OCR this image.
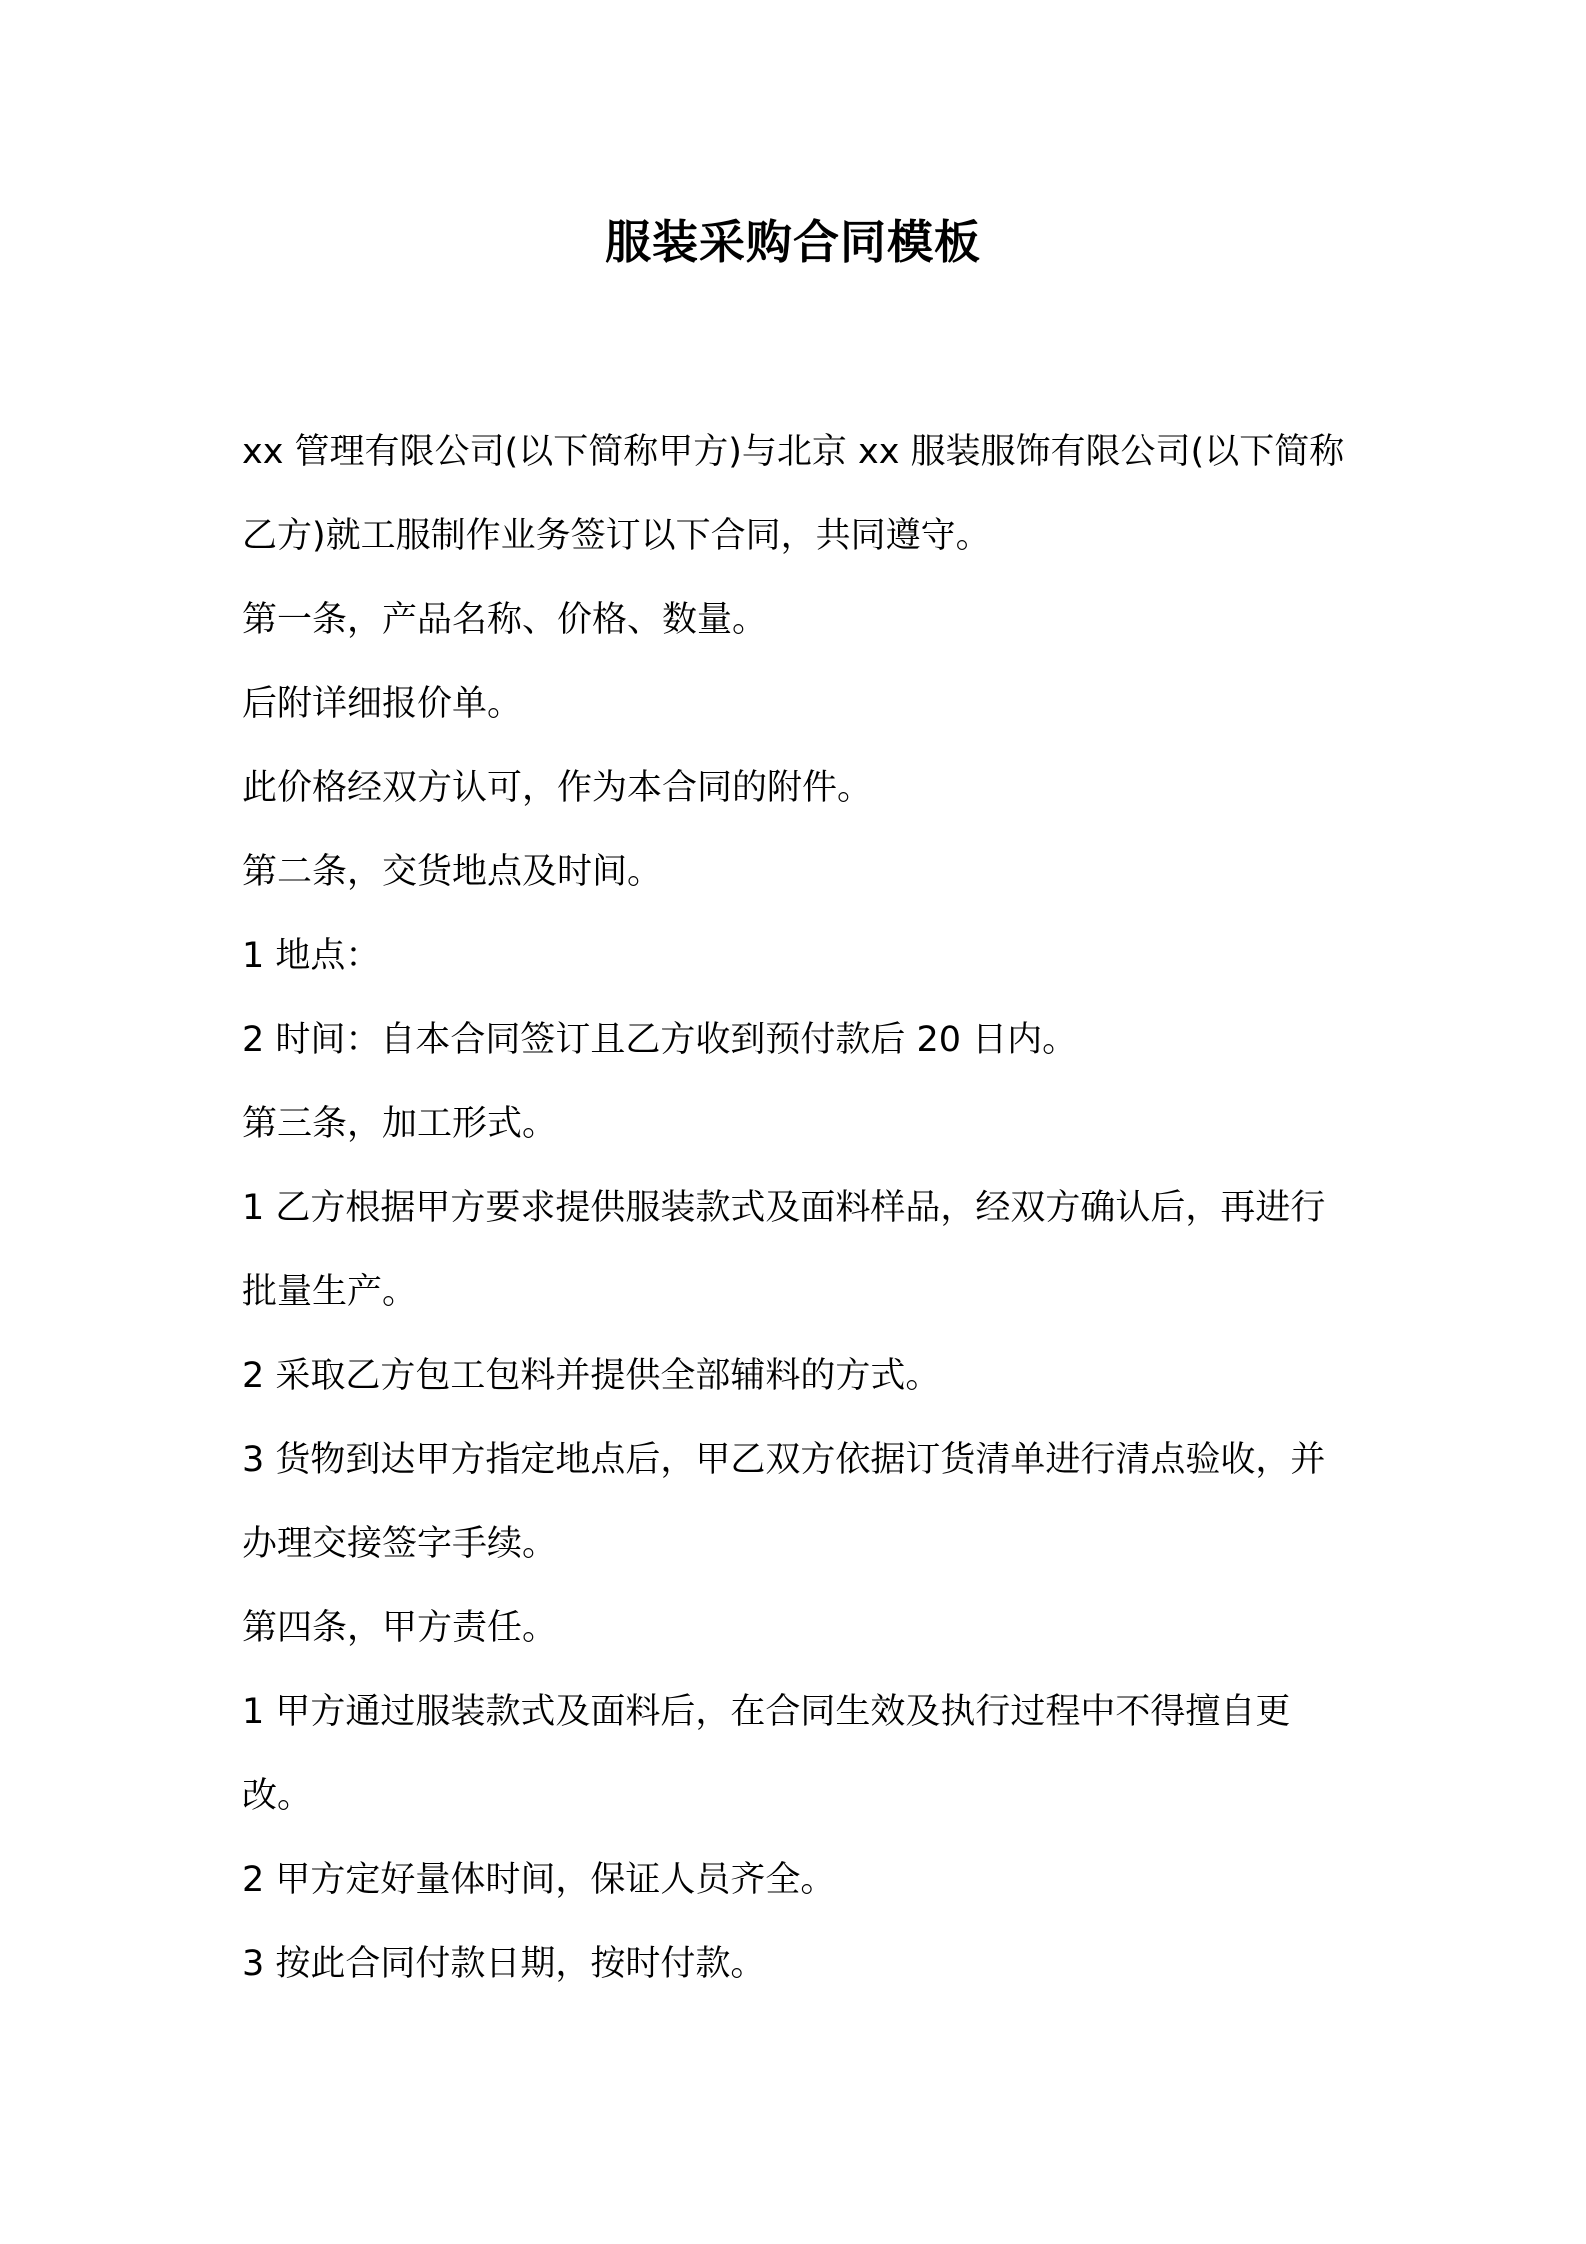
服装采购合同模板

xx 管理有限公司(以下简称甲方)与北京 xx 服装服饰有限公司(以下简称乙方)就工服制作业务签订以下合同，共同遵守。

第一条，产品名称、价格、数量。

后附详细报价单。

此价格经双方认可，作为本合同的附件。

第二条，交货地点及时间。

1 地点：

2 时间：自本合同签订且乙方收到预付款后 20 日内。

第三条，加工形式。

1 乙方根据甲方要求提供服装款式及面料样品，经双方确认后，再进行批量生产。

2 采取乙方包工包料并提供全部辅料的方式。

3 货物到达甲方指定地点后，甲乙双方依据订货清单进行清点验收，并办理交接签字手续。

第四条，甲方责任。

1 甲方通过服装款式及面料后，在合同生效及执行过程中不得擅自更改。

2 甲方定好量体时间，保证人员齐全。

3 按此合同付款日期，按时付款。
